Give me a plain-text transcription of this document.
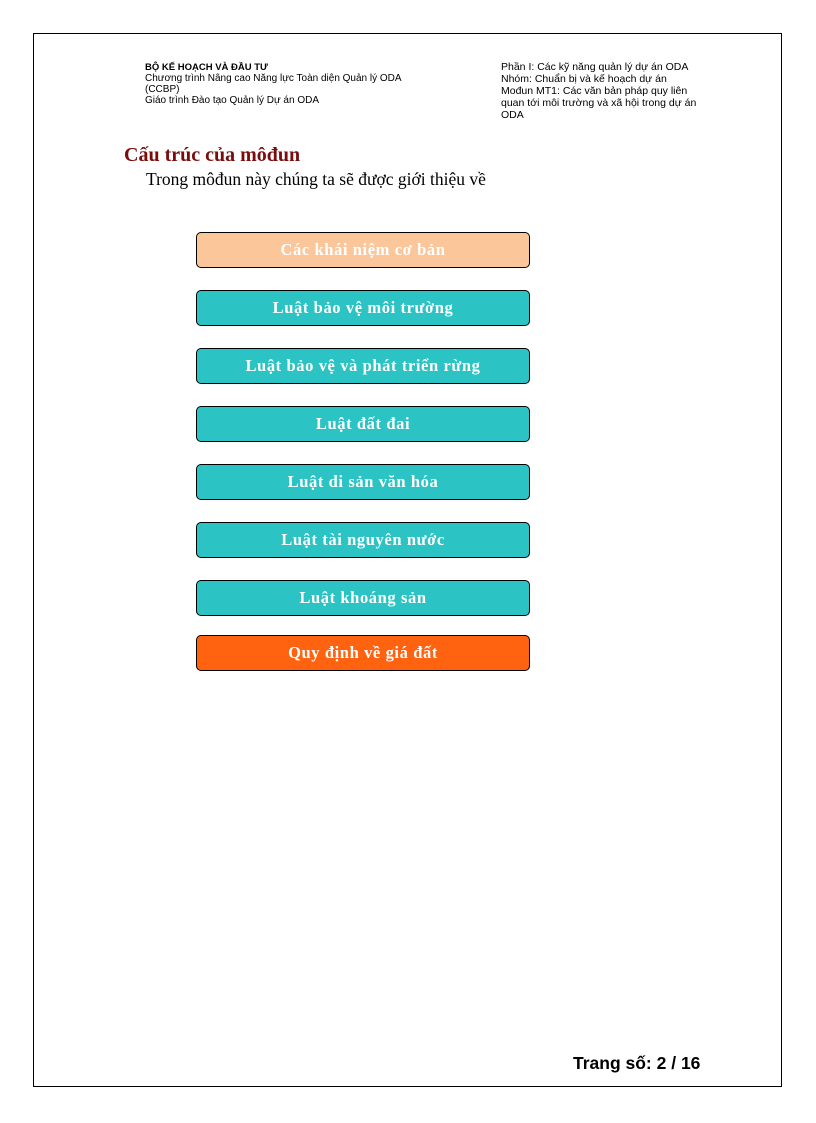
BỘ KẾ HOẠCH VÀ ĐẦU TƯ
Chương trình Nâng cao Năng lực Toàn diện Quản lý ODA
(CCBP)
Giáo trình Đào tạo Quản lý Dự án ODA
Phần I: Các kỹ năng quản lý dự án ODA
Nhóm: Chuẩn bị và kế hoạch dự án
Mođun MT1: Các văn bản pháp quy liên
quan tới môi trường và xã hội trong dự án
ODA
Cấu trúc của môđun
Trong môđun này chúng ta sẽ được giới thiệu về
Các khái niệm cơ bản
Luật bảo vệ môi trường
Luật bảo vệ và phát triển rừng
Luật đất đai
Luật di sản văn hóa
Luật tài nguyên nước
Luật khoáng sản
Quy định về giá đất
Trang số: 2 / 16
